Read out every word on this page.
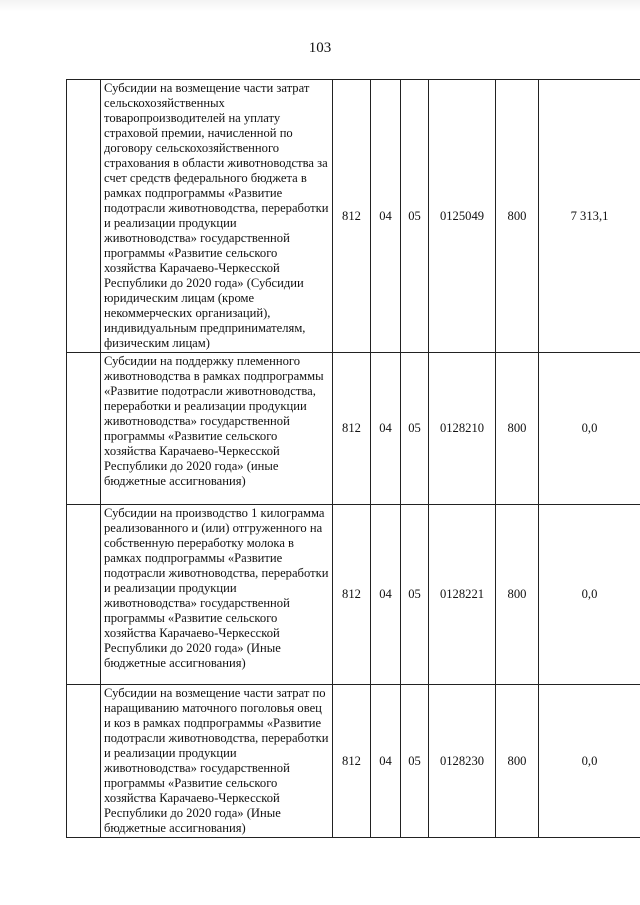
103
	Субсидии на возмещение части затрат сельскохозяйственных товаропроизводителей на уплату страховой премии, начисленной по договору сельскохозяйственного страхования в области животноводства за счет средств федерального бюджета в рамках подпрограммы «Развитие подотрасли животноводства, переработки и реализации продукции животноводства» государственной программы «Развитие сельского хозяйства Карачаево-Черкесской Республики до 2020 года» (Субсидии юридическим лицам (кроме некоммерческих организаций), индивидуальным предпринимателям, физическим лицам)	812	04	05	0125049	800	7 313,1
	Субсидии на поддержку племенного животноводства в рамках подпрограммы «Развитие подотрасли животноводства, переработки и реализации продукции животноводства» государственной программы «Развитие сельского хозяйства Карачаево-Черкесской Республики до 2020 года» (иные бюджетные ассигнования)	812	04	05	0128210	800	0,0
	Субсидии на производство 1 килограмма реализованного и (или) отгруженного на собственную переработку молока в рамках подпрограммы «Развитие подотрасли животноводства, переработки и реализации продукции животноводства» государственной программы «Развитие сельского хозяйства Карачаево-Черкесской Республики до 2020 года» (Иные бюджетные ассигнования)	812	04	05	0128221	800	0,0
	Субсидии на возмещение части затрат по наращиванию маточного поголовья овец и коз в рамках подпрограммы «Развитие подотрасли животноводства, переработки и реализации продукции животноводства» государственной программы «Развитие сельского хозяйства Карачаево-Черкесской Республики до 2020 года» (Иные бюджетные ассигнования)	812	04	05	0128230	800	0,0
